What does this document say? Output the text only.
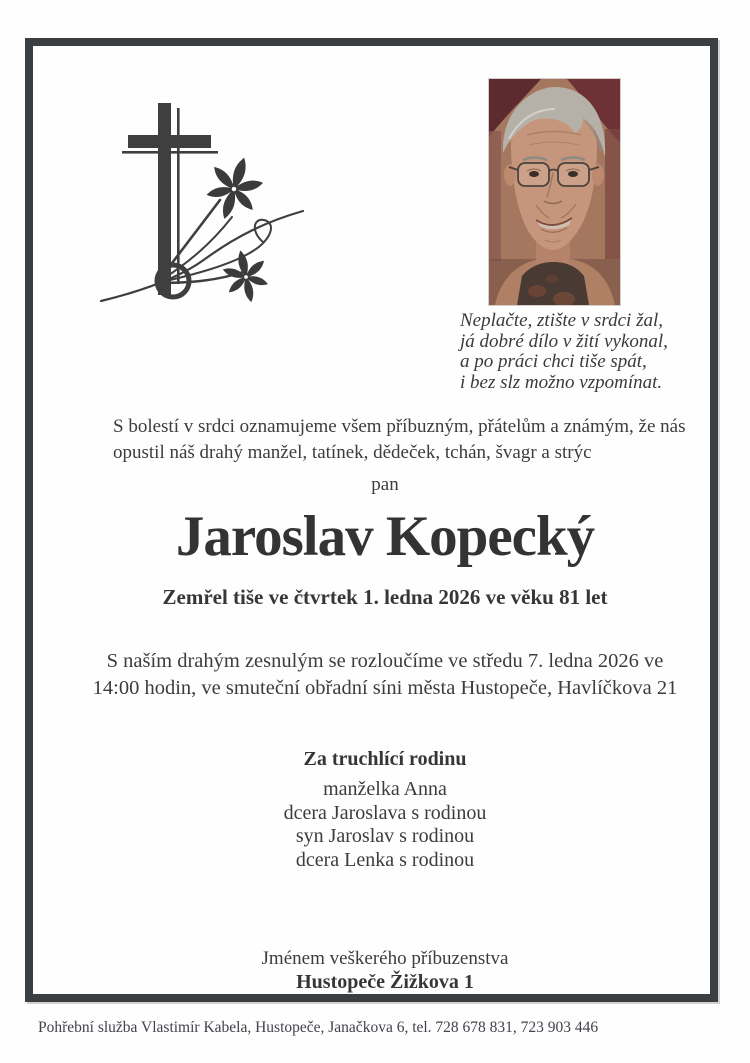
Neplačte, ztište v srdci žal,
já dobré dílo v žití vykonal,
a po práci chci tiše spát,
i bez slz možno vzpomínat.
S bolestí v srdci oznamujeme všem příbuzným, přátelům a známým, že nás
opustil náš drahý manžel, tatínek, dědeček, tchán, švagr a strýc
pan
Jaroslav Kopecký
Zemřel tiše ve čtvrtek 1. ledna 2026 ve věku 81 let
S naším drahým zesnulým se rozloučíme ve středu 7. ledna 2026 ve
14:00 hodin, ve smuteční obřadní síni města Hustopeče, Havlíčkova 21
Za truchlící rodinu
manželka Anna
dcera Jaroslava s rodinou
syn Jaroslav s rodinou
dcera Lenka s rodinou
Jménem veškerého příbuzenstva
Hustopeče Žižkova 1
Pohřební služba Vlastimír Kabela, Hustopeče, Janačkova 6, tel. 728 678 831, 723 903 446
